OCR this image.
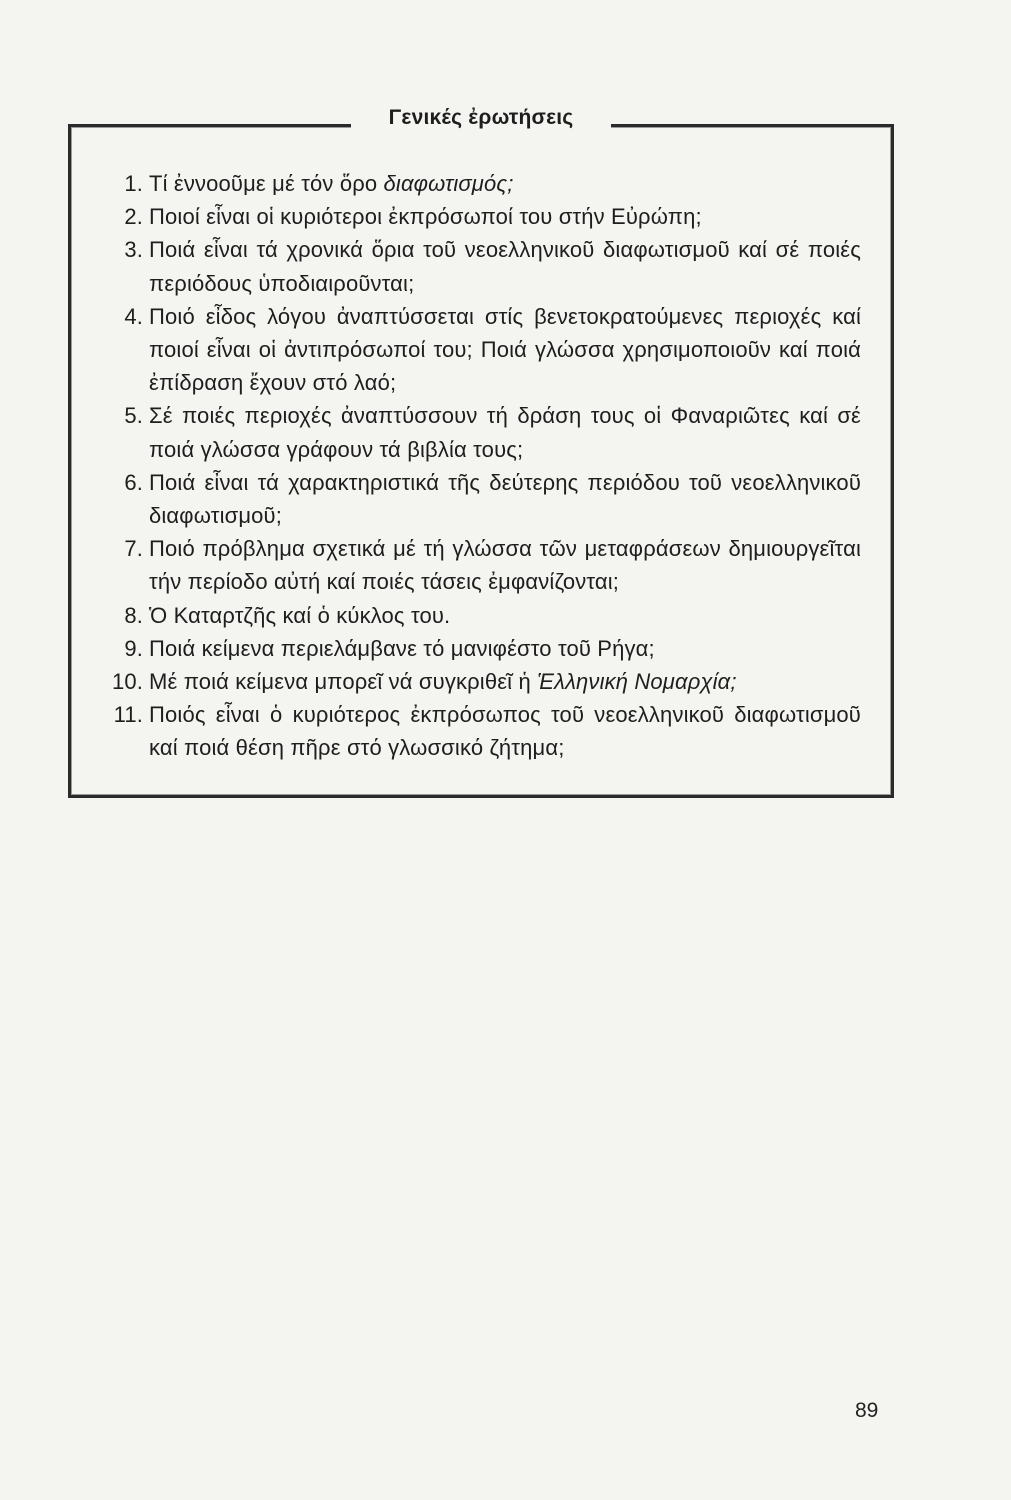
Γενικές ἐρωτήσεις
1. Τί ἐννοοῦμε μέ τόν ὅρο διαφωτισμός;
2. Ποιοί εἶναι οἱ κυριότεροι ἐκπρόσωποί του στήν Εὐρώπη;
3. Ποιά εἶναι τά χρονικά ὅρια τοῦ νεοελληνικοῦ διαφωτισμοῦ καί σέ ποιές περιόδους ὑποδιαιροῦνται;
4. Ποιό εἶδος λόγου ἀναπτύσσεται στίς βενετοκρατούμενες περιοχές καί ποιοί εἶναι οἱ ἀντιπρόσωποί του; Ποιά γλώσσα χρησιμοποιοῦν καί ποιά ἐπίδραση ἔχουν στό λαό;
5. Σέ ποιές περιοχές ἀναπτύσσουν τή δράση τους οἱ Φαναριῶτες καί σέ ποιά γλώσσα γράφουν τά βιβλία τους;
6. Ποιά εἶναι τά χαρακτηριστικά τῆς δεύτερης περιόδου τοῦ νεοελληνικοῦ διαφωτισμοῦ;
7. Ποιό πρόβλημα σχετικά μέ τή γλώσσα τῶν μεταφράσεων δημιουργεῖται τήν περίοδο αὐτή καί ποιές τάσεις ἐμφανίζονται;
8. Ὁ Καταρτζῆς καί ὁ κύκλος του.
9. Ποιά κείμενα περιελάμβανε τό μανιφέστο τοῦ Ρήγα;
10. Μέ ποιά κείμενα μπορεῖ νά συγκριθεῖ ἡ Ἑλληνική Νομαρχία;
11. Ποιός εἶναι ὁ κυριότερος ἐκπρόσωπος τοῦ νεοελληνικοῦ διαφωτισμοῦ καί ποιά θέση πῆρε στό γλωσσικό ζήτημα;
89
